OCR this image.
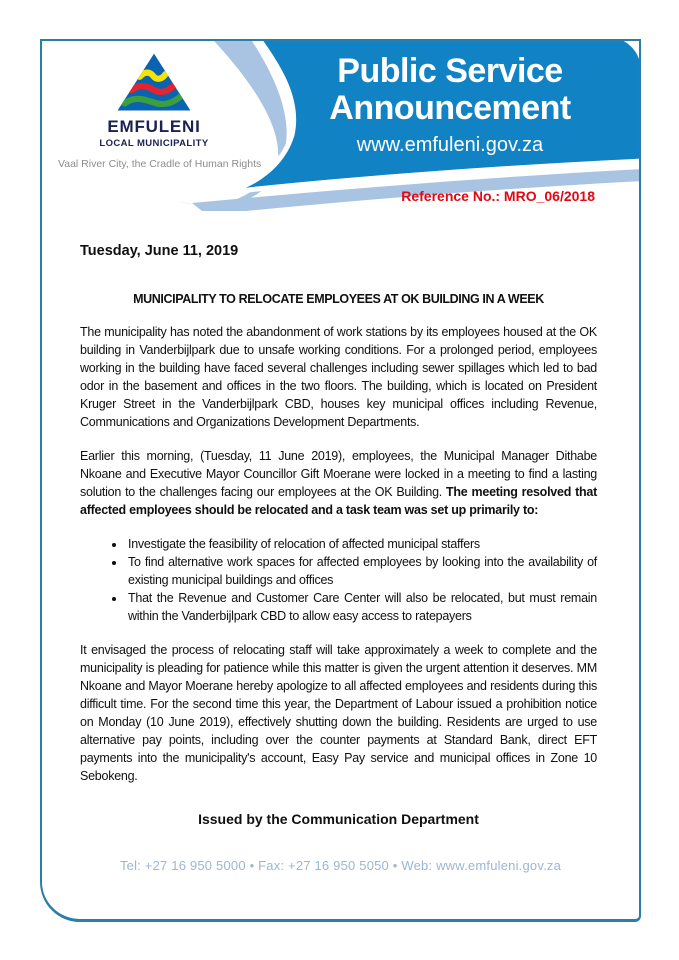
Public Service
Announcement
www.emfuleni.gov.za
EMFULENI
LOCAL MUNICIPALITY
Vaal River City, the Cradle of Human Rights
Reference No.: MRO_06/2018
Tuesday, June 11, 2019
MUNICIPALITY TO RELOCATE EMPLOYEES AT OK BUILDING IN A WEEK

The municipality has noted the abandonment of work stations by its employees housed at the OK building in Vanderbijlpark due to unsafe working conditions. For a prolonged period, employees working in the building have faced several challenges including sewer spillages which led to bad odor in the basement and offices in the two floors. The building, which is located on President Kruger Street in the Vanderbijlpark CBD, houses key municipal offices including Revenue, Communications and Organizations Development Departments.

Earlier this morning, (Tuesday, 11 June 2019), employees, the Municipal Manager Dithabe Nkoane and Executive Mayor Councillor Gift Moerane were locked in a meeting to find a lasting solution to the challenges facing our employees at the OK Building. The meeting resolved that affected employees should be relocated and a task team was set up primarily to:

• Investigate the feasibility of relocation of affected municipal staffers
• To find alternative work spaces for affected employees by looking into the availability of existing municipal buildings and offices
• That the Revenue and Customer Care Center will also be relocated, but must remain within the Vanderbijlpark CBD to allow easy access to ratepayers

It envisaged the process of relocating staff will take approximately a week to complete and the municipality is pleading for patience while this matter is given the urgent attention it deserves. MM Nkoane and Mayor Moerane hereby apologize to all affected employees and residents during this difficult time. For the second time this year, the Department of Labour issued a prohibition notice on Monday (10 June 2019), effectively shutting down the building. Residents are urged to use alternative pay points, including over the counter payments at Standard Bank, direct EFT payments into the municipality's account, Easy Pay service and municipal offices in Zone 10 Sebokeng.

Issued by the Communication Department
Tel: +27 16 950 5000 • Fax: +27 16 950 5050 • Web: www.emfuleni.gov.za
